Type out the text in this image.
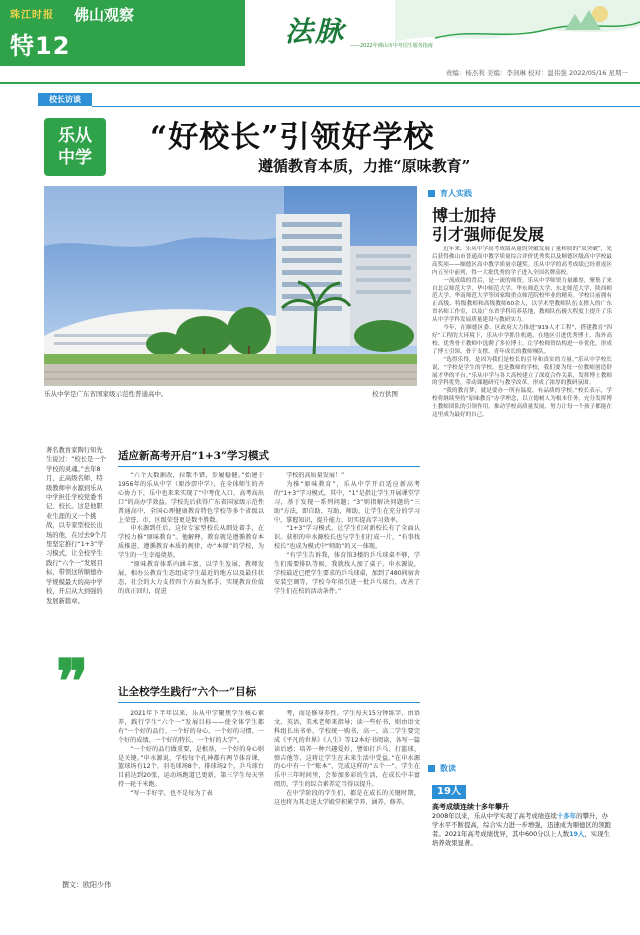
珠江时报 佛山观察
特12	法脉 ——2022年佛山市中考招生服务指南
责编：杨杰利 美编：李剑琳 校对：温伟强 2022/05/16 星期一
校长访谈
乐从
中学
“好校长”引领好学校
遵循教育本质，力推“原味教育”
乐从中学是广东省国家级示范性普通高中。	校方供图
育人实践
博士加持
引才强师促发展

近年来，乐从中学高考成绩从量的突破发展了量和质的“双突破”，先后获得佛山市普通高中教学质量综合评价优秀奖以及顺德区级高中学校最高奖项——顺德区高中教学质量卓越奖。乐从中学的高考成绩已经重返区内五至中前列，得一大批优秀的学子进入全国名牌高校。

一流成绩的背后，是一流的师资。乐从中学师资力量雄厚，聚集了来自北京师范大学、华中师范大学、华东师范大学、东北师范大学、陕西师范大学、华南师范大学等国家级重点师范院校毕业的精英。学校目前拥有正高级、特级教师和高级教师60余人，以学术型教师队伍支撑入的广东省名师工作室，以及广东省学科培养基地，教师队伍极大程度上提升了乐从中学学科发展质量建设与教研实力。

今年，在顺德区委、区政府大力推进“919人才工程”，搭建教育“四好”工程的大环境下，乐从中学抓住机遇，在地区引进优秀博士、海外高校、优秀骨干教师中选聘了多位博士，让学校师资结构进一步优化，形成了博士引领、骨干支撑、青年成长的教师梯队。

“选得乐得，是因为我们是校长的引导和真实的力量。”乐从中学校长说，“学校是学生的学校，也是教师的学校，我们要为每一位教师创造舒展才华的平台。”乐从中学与各大高校建立了深度合作关系，发挥博士教师的学科优势，带动课题研究与教学改革，形成了浓厚的教研氛围。

“我的教育梦，就是要办一所有温度、有品质的学校。”校长表示，学校将继续坚持“原味教育”办学理念，以立德树人为根本任务，充分发挥博士教师团队的引领作用，推动学校高质量发展，努力让每一个孩子都能在这里成为最好的自己。

数读
19人
高考成绩连续十多年攀升
2008年以来，乐从中学实现了高考成绩连续十多年的攀升，办学水平不断提高，综合实力进一步增强，迅速成为顺德区的领跑者。2021年高考成绩优异，其中600分以上人数19人，实现生培养效果显著。
著名教育家陶行知先生说过：“校长是一个学校的灵魂。”去年8月，正高级名师、特级教师申水源到乐从中学担任学校党委书记、校长。这是他职业生涯的又一个挑战，以专家型校长出场的他，在过去9个月里坚定推行“1+3”学习模式，让全校学生践行“六个一”发展目标，带领这所顺德办学规模最大的高中学校，开启从大到强的发展新篇章。
❞
撰文：欧阳少伟
适应新高考开启“1+3”学习模式

“六个大数据改，拉歌不错，步履稳健。”始建于1956年的乐从中学（原沙滘中学），在全体师生的齐心协力下，乐中也来来实现了“中考优入口，高考高出口”的高办学效益。学校先后获得广东省国家级示范性普通高中、全国心理健康教育特色学校等多个省级以上荣誉，市、区级荣誉更是数不胜数。

申水源到任后，这位专家型校长从细处着手，在学校力推“原味教育”。他解释，教育就是遵循教育本质推进，遵循教育本质的规律，办“本原”的学校，为学生的一生幸福奠基。

“原味教育体系内涵丰富，以学生发展、教师发展、相办公教育生态组成学生最近的地方以及最佳状态，社会的大力支持四个方面为抓手，实现教育价值的真正回归，促进

学校的高质量发展！”

为推“原味教育”，乐从中学开启适应新高考的“1+3”学习模式，其中，“1”是指让学生开展课堂学习，基于发现一系列问题；“3”则指解决问题的“三助”方法，即自助、互助、师助，让学生在充分的学习中，掌握知识，提升能力，切实提高学习效率。

“1+3”学习模式，让学生们对新校长有了全面认识。获积的申水源校长也与学生们打成一片，“有事找校长”也成为模式中“师助”的又一体现。

“有学生告诉我，体育馆3楼的乒乓球桌不够，学生们需要排队等候，我就找人加了桌子。申水源说，学校最近已把学生要求的乒乓球桌，加到了480间宿舍安装空调等，学校今年拟引进一批乒乓球台，改善了学生们在校的活动条件。”

让全校学生践行“六个一”目标

2021年下半年以来，乐从中学聚焦学生核心素养，践行学生“六个一”发展目标——使全体学生都有“一个好的品行、一个好的身心、一个好的习惯、一个好的成绩、一个好的特长、一个好的大学”。

“一个好的品行做重要，是根基，一个好的身心则是关键。”申水源说，学校每个孔神都有两节体育课，篮球场有12个，羽毛球场8个，排球场2个，乒乓球台目前达到20张，运动场跑道已更新，第三学生每天坚持一轮千米跑。

“写一手好字，也不是每为了表

考，而是修身养性。学生每天15分钟练字，由语文、英语、美术老师来指导；读一些好书，则由语文科组长出书单，学校统一购书，高一、高二学生要完成《平凡的世界》《人生》等12本好书阅读，各写一篇读后感；培养一种兴趣爱好，譬如打乒乓、打篮球、弹吉他等，这将让学生在未来生活中受益。”在申水源的心中有一个“账本”，完成这样的“五个一”，学生在乐中三年时间里，会参加多彩的生活，在成长中丰富阅历，学生的综合素养定当得以提升。

在中学阶段的学生们，都是在成长的关键时期，这也将为其走进大学殿堂积累学养、涵养、修养。
